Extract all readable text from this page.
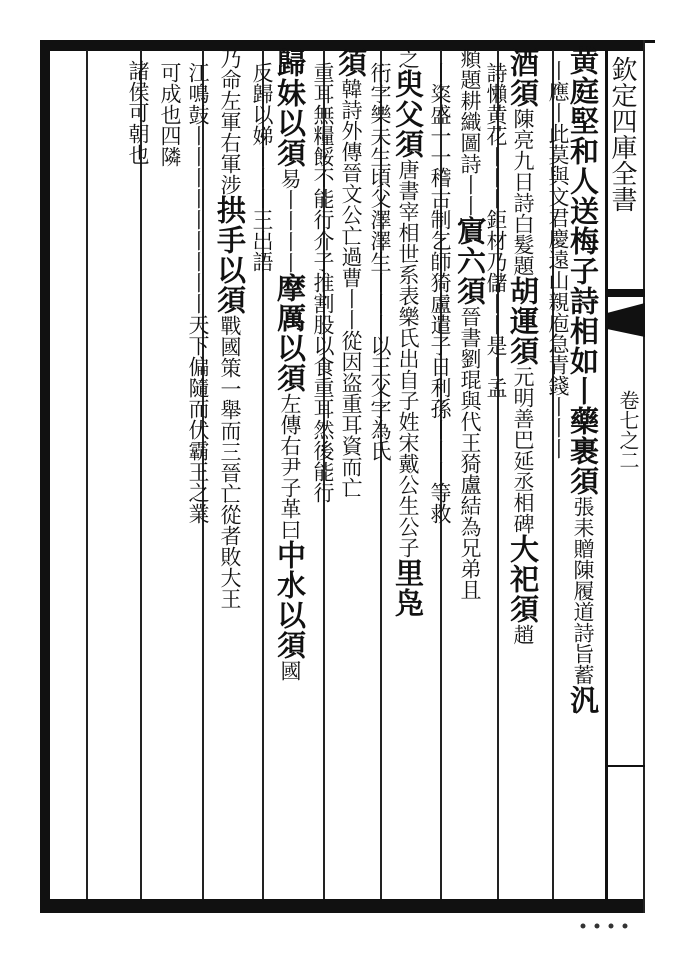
欽定四庫全書
卷七之二
黄庭堅和人送梅子詩相如丨藥裹須張耒贈陳履道詩旨蓄汎
丨應丨此莫與文君慶遠山親庖急青錢丨丨丨
酒須陳亮九日詩白髮題胡運須元明善巴延丞相碑大祀須趙
詩懶黄花丨丨丨鉅材乃儲丨丨是丨孟
頫題耕織圖詩丨丨賔六須晉書劉琨與代王猗盧結為兄弟且
丨粢盛一一稽古制乞師猗盧遣子日利孫丨丨丨等救
之臾父須唐書宰相世系表樂氏出自子姓宋戴公生公子里凫
衎字樂夫生頃父澤澤生丨丨丨以王父字為氏
須韓詩外傳晉文公亡過曹丨丨從因盗重耳資而亡
重耳無糧餒不能行介子推割股以食重耳然後能行
歸妹以須易丨丨丨丨摩厲以須左傳右尹子革曰中水以須國
反歸以娣丨丨丨王出語
乃命左軍右軍涉拱手以須戰國策一舉而三晉亡從者敗大王
江鳴鼓丨丨丨丨丨丨丨丨丨天下偏隨而伏霸王之業
可成也四隣
諸侯可朝也
